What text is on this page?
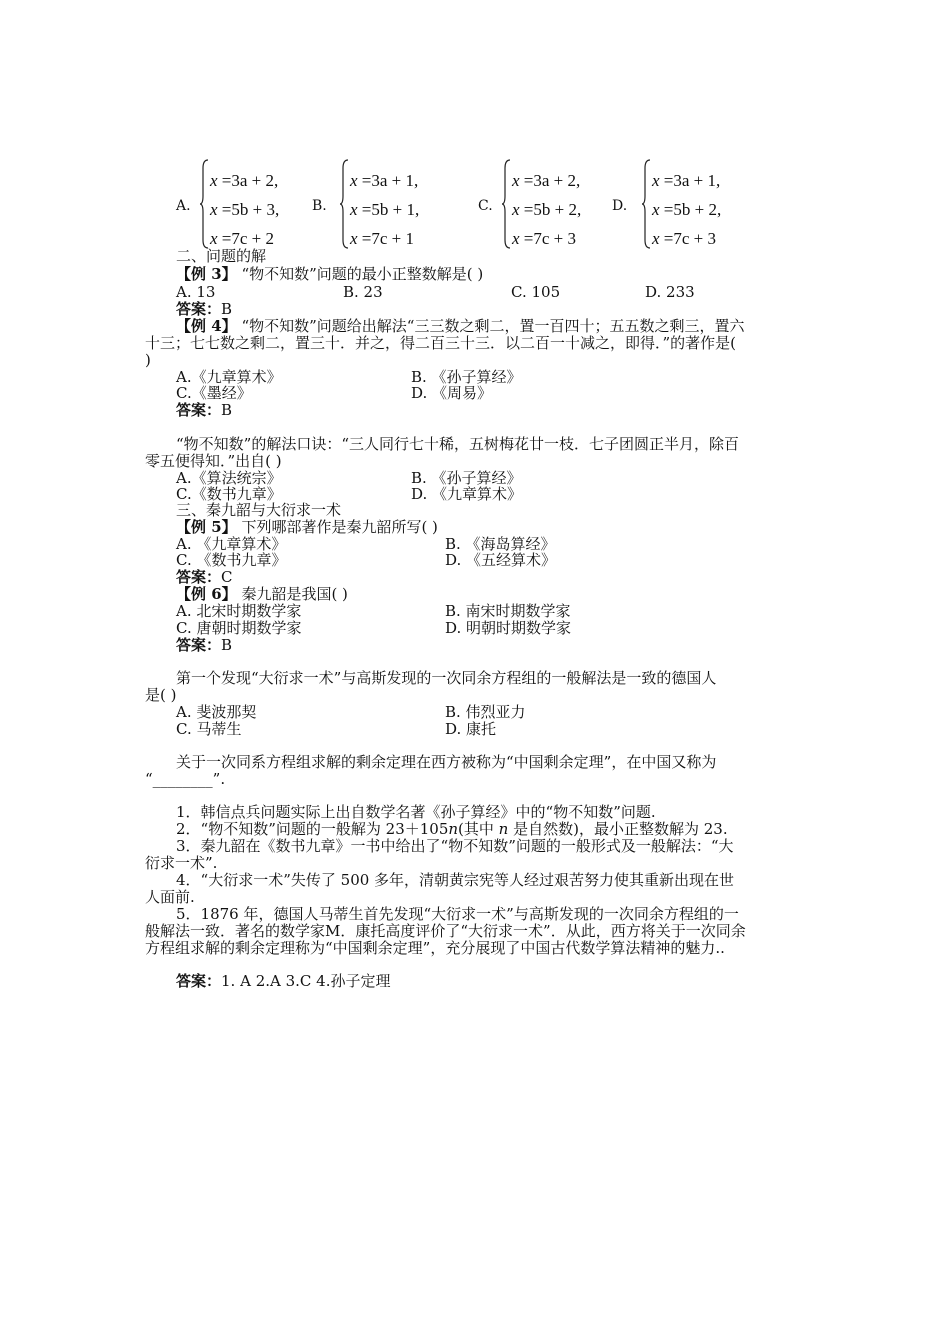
A.
x =3a + 2,
x =5b + 3,
x =7c + 2
B.
x =3a + 1,
x =5b + 1,
x =7c + 1
C.
x =3a + 2,
x =5b + 2,
x =7c + 3
D.
x =3a + 1,
x =5b + 2,
x =7c + 3
二、问题的解
【例 3】 “物不知数”问题的最小正整数解是( )
A. 13	B. 23	C. 105	D. 233
答案：B
【例 4】 “物不知数”问题给出解法“三三数之剩二，置一百四十；五五数之剩三，置六
十三；七七数之剩二，置三十．并之，得二百三十三．以二百一十减之，即得．”的著作是(
)
A.《九章算术》	B. 《孙子算经》
C.《墨经》	D. 《周易》
答案：B
“物不知数”的解法口诀：“三人同行七十稀，五树梅花廿一枝．七子团圆正半月，除百
零五便得知．”出自( )
A.《算法统宗》	B. 《孙子算经》
C.《数书九章》	D. 《九章算术》
三、秦九韶与大衍求一术
【例 5】 下列哪部著作是秦九韶所写( )
A. 《九章算术》	B. 《海岛算经》
C. 《数书九章》	D. 《五经算术》
答案：C
【例 6】 秦九韶是我国( )
A. 北宋时期数学家	B. 南宋时期数学家
C. 唐朝时期数学家	D. 明朝时期数学家
答案：B
第一个发现“大衍求一术”与高斯发现的一次同余方程组的一般解法是一致的德国人
是( )
A. 斐波那契	B. 伟烈亚力
C. 马蒂生	D. 康托
关于一次同系方程组求解的剩余定理在西方被称为“中国剩余定理”，在中国又称为
“________”.
1．韩信点兵问题实际上出自数学名著《孙子算经》中的“物不知数”问题.
2．“物不知数”问题的一般解为 23＋105n(其中 n 是自然数)，最小正整数解为 23.
3．秦九韶在《数书九章》一书中给出了“物不知数”问题的一般形式及一般解法：“大
衍求一术”.
4．“大衍求一术”失传了 500 多年，清朝黄宗宪等人经过艰苦努力使其重新出现在世
人面前.
5．1876 年，德国人马蒂生首先发现“大衍求一术”与高斯发现的一次同余方程组的一
般解法一致．著名的数学家M．康托高度评价了“大衍求一术”．从此，西方将关于一次同余
方程组求解的剩余定理称为“中国剩余定理”，充分展现了中国古代数学算法精神的魅力..
答案：1. A 2.A 3.C 4.孙子定理
